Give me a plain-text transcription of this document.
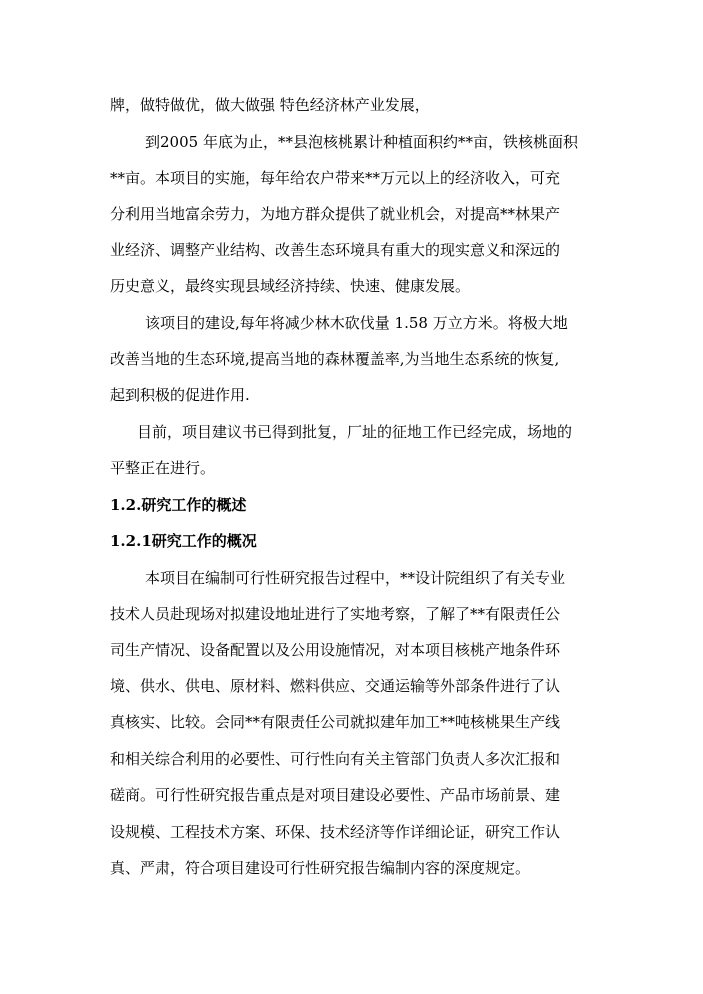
牌，做特做优，做大做强 特色经济林产业发展，
到2005 年底为止，**县泡核桃累计种植面积约**亩，铁核桃面积
**亩。本项目的实施，每年给农户带来**万元以上的经济收入，可充
分利用当地富余劳力，为地方群众提供了就业机会，对提高**林果产
业经济、调整产业结构、改善生态环境具有重大的现实意义和深远的
历史意义，最终实现县域经济持续、快速、健康发展。
该项目的建设,每年将减少林木砍伐量 1.58 万立方米。将极大地
改善当地的生态环境,提高当地的森林覆盖率,为当地生态系统的恢复,
起到积极的促进作用.
目前，项目建议书已得到批复，厂址的征地工作已经完成，场地的
平整正在进行。
1.2.研究工作的概述
1.2.1研究工作的概况
本项目在编制可行性研究报告过程中，**设计院组织了有关专业
技术人员赴现场对拟建设地址进行了实地考察，了解了**有限责任公
司生产情况、设备配置以及公用设施情况，对本项目核桃产地条件环
境、供水、供电、原材料、燃料供应、交通运输等外部条件进行了认
真核实、比较。会同**有限责任公司就拟建年加工**吨核桃果生产线
和相关综合利用的必要性、可行性向有关主管部门负责人多次汇报和
磋商。可行性研究报告重点是对项目建设必要性、产品市场前景、建
设规模、工程技术方案、环保、技术经济等作详细论证，研究工作认
真、严肃，符合项目建设可行性研究报告编制内容的深度规定。
